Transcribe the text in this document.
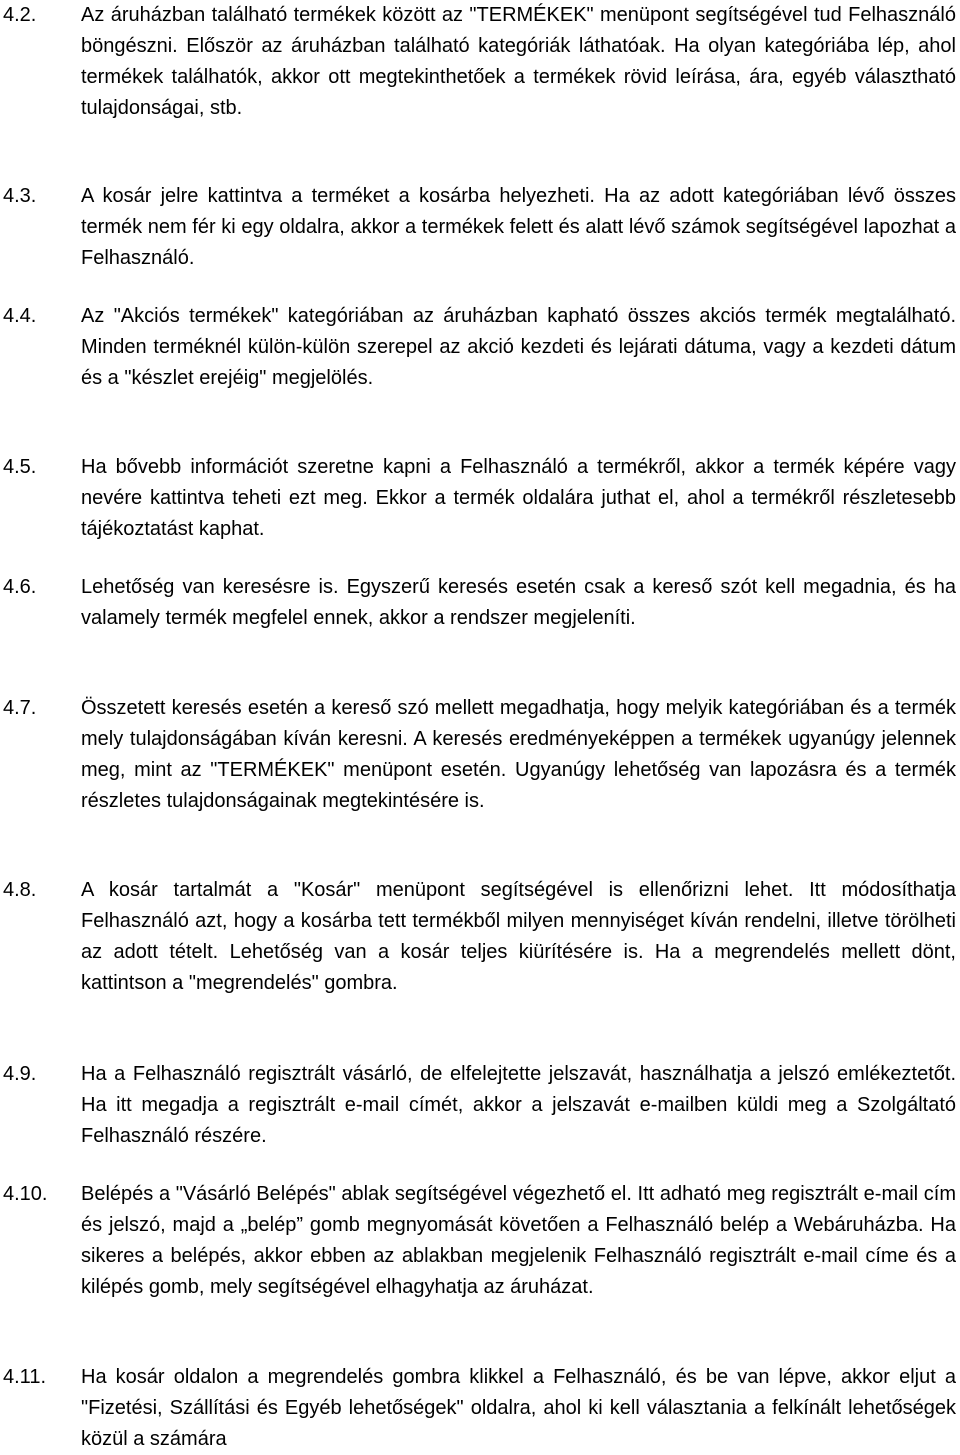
4.2. Az áruházban található termékek között az "TERMÉKEK" menüpont segítségével tud Felhasználó böngészni. Először az áruházban található kategóriák láthatóak. Ha olyan kategóriába lép, ahol termékek találhatók, akkor ott megtekinthetőek a termékek rövid leírása, ára, egyéb választható tulajdonságai, stb.
4.3. A kosár jelre kattintva a terméket a kosárba helyezheti. Ha az adott kategóriában lévő összes termék nem fér ki egy oldalra, akkor a termékek felett és alatt lévő számok segítségével lapozhat a Felhasználó.
4.4. Az "Akciós termékek" kategóriában az áruházban kapható összes akciós termék megtalálható. Minden terméknél külön-külön szerepel az akció kezdeti és lejárati dátuma, vagy a kezdeti dátum és a "készlet erejéig" megjelölés.
4.5. Ha bővebb információt szeretne kapni a Felhasználó a termékről, akkor a termék képére vagy nevére kattintva teheti ezt meg. Ekkor a termék oldalára juthat el, ahol a termékről részletesebb tájékoztatást kaphat.
4.6. Lehetőség van keresésre is. Egyszerű keresés esetén csak a kereső szót kell megadnia, és ha valamely termék megfelel ennek, akkor a rendszer megjeleníti.
4.7. Összetett keresés esetén a kereső szó mellett megadhatja, hogy melyik kategóriában és a termék mely tulajdonságában kíván keresni. A keresés eredményeképpen a termékek ugyanúgy jelennek meg, mint az "TERMÉKEK" menüpont esetén. Ugyanúgy lehetőség van lapozásra és a termék részletes tulajdonságainak megtekintésére is.
4.8. A kosár tartalmát a "Kosár" menüpont segítségével is ellenőrizni lehet. Itt módosíthatja Felhasználó azt, hogy a kosárba tett termékből milyen mennyiséget kíván rendelni, illetve törölheti az adott tételt. Lehetőség van a kosár teljes kiürítésére is. Ha a megrendelés mellett dönt, kattintson a "megrendelés" gombra.
4.9. Ha a Felhasználó regisztrált vásárló, de elfelejtette jelszavát, használhatja a jelszó emlékeztetőt. Ha itt megadja a regisztrált e-mail címét, akkor a jelszavát e-mailben küldi meg a Szolgáltató Felhasználó részére.
4.10. Belépés a "Vásárló Belépés" ablak segítségével végezhető el. Itt adható meg regisztrált e-mail cím és jelszó, majd a „belép” gomb megnyomását követően a Felhasználó belép a Webáruházba. Ha sikeres a belépés, akkor ebben az ablakban megjelenik Felhasználó regisztrált e-mail címe és a kilépés gomb, mely segítségével elhagyhatja az áruházat.
4.11. Ha kosár oldalon a megrendelés gombra klikkel a Felhasználó, és be van lépve, akkor eljut a "Fizetési, Szállítási és Egyéb lehetőségek" oldalra, ahol ki kell választania a felkínált lehetőségek közül a számára
